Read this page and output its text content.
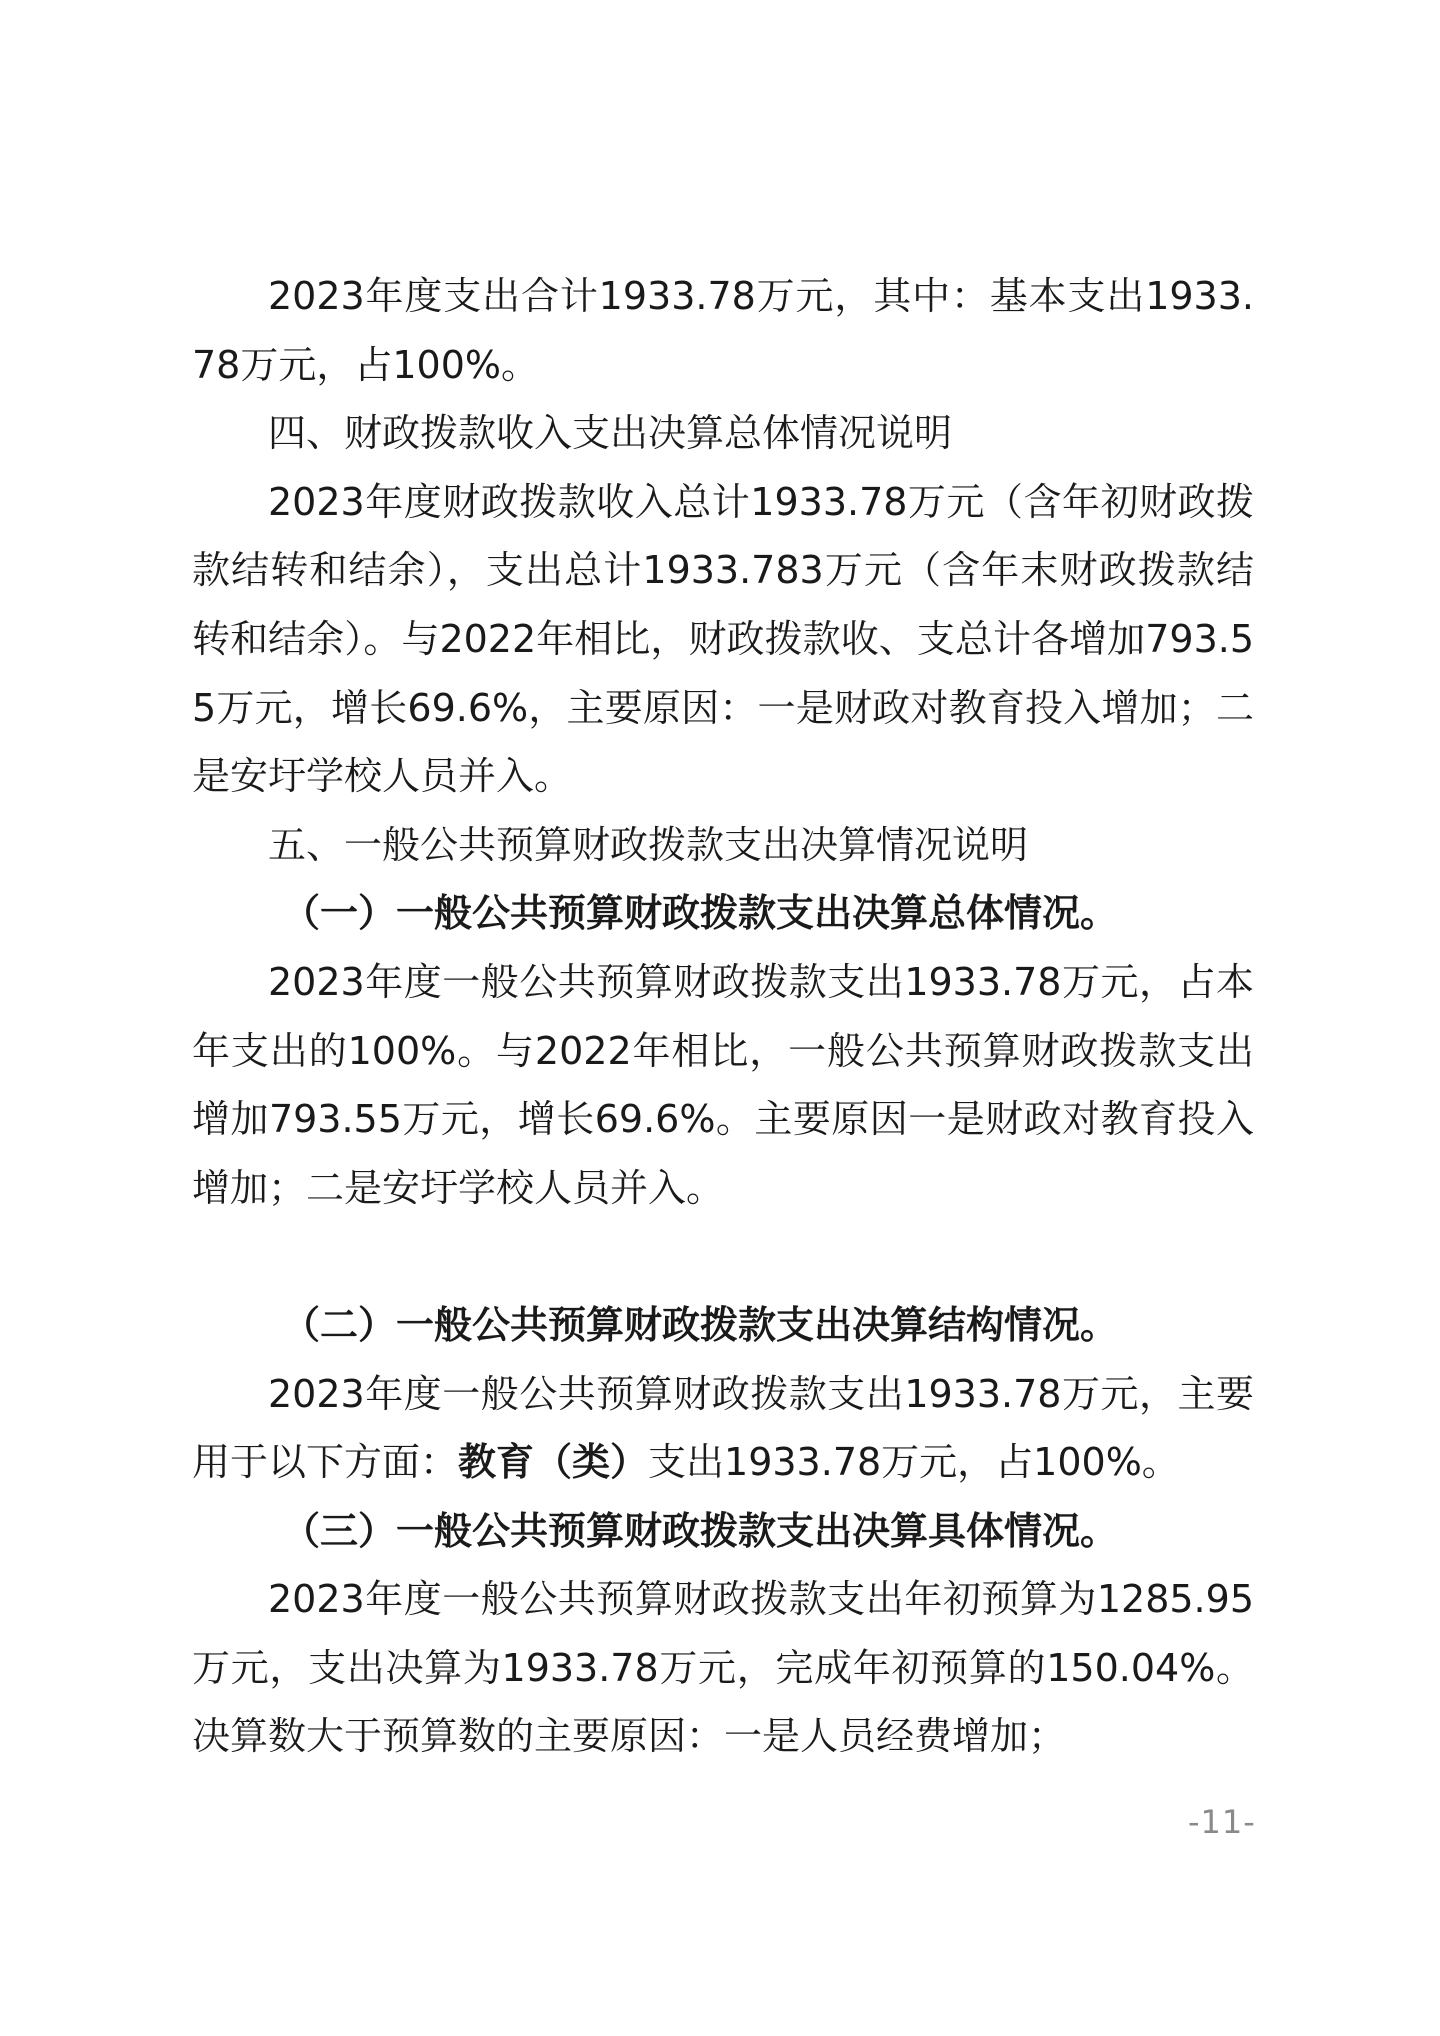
2023年度支出合计1933.78万元，其中：基本支出1933.78万元，占100%。

四、财政拨款收入支出决算总体情况说明

2023年度财政拨款收入总计1933.78万元（含年初财政拨款结转和结余），支出总计1933.783万元（含年末财政拨款结转和结余）。与2022年相比，财政拨款收、支总计各增加793.55万元，增长69.6%，主要原因：一是财政对教育投入增加；二是安圩学校人员并入。

五、一般公共预算财政拨款支出决算情况说明

（一）一般公共预算财政拨款支出决算总体情况。

2023年度一般公共预算财政拨款支出1933.78万元，占本年支出的100%。与2022年相比，一般公共预算财政拨款支出增加793.55万元，增长69.6%。主要原因一是财政对教育投入增加；二是安圩学校人员并入。

（二）一般公共预算财政拨款支出决算结构情况。

2023年度一般公共预算财政拨款支出1933.78万元，主要用于以下方面：教育（类）支出1933.78万元，占100%。

（三）一般公共预算财政拨款支出决算具体情况。

2023年度一般公共预算财政拨款支出年初预算为1285.95万元，支出决算为1933.78万元，完成年初预算的150.04%。决算数大于预算数的主要原因：一是人员经费增加；

-11-
